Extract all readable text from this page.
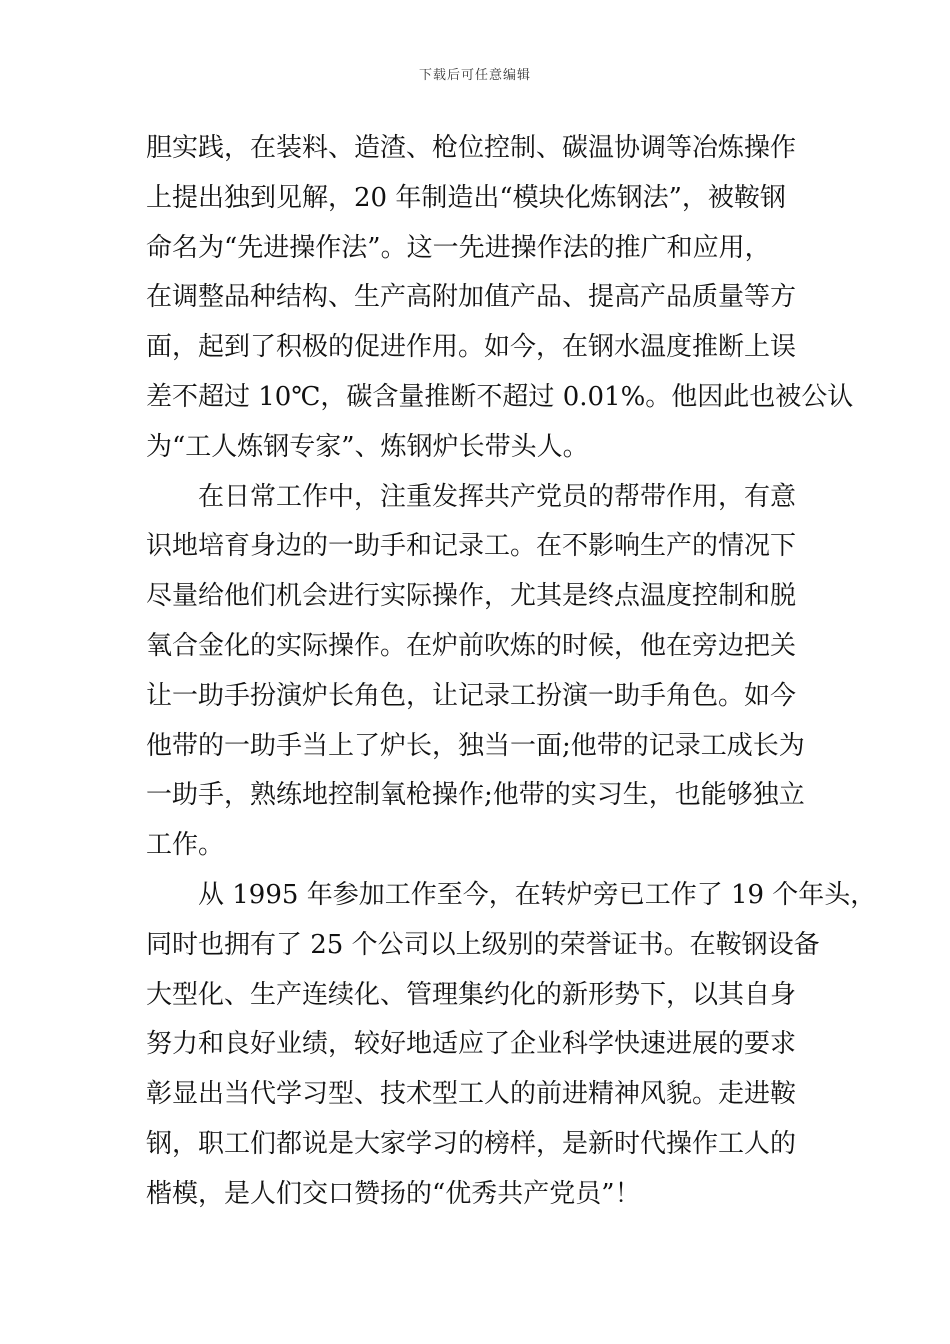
下载后可任意编辑
胆实践，在装料、造渣、枪位控制、碳温协调等冶炼操作
上提出独到见解，20 年制造出“模块化炼钢法”，被鞍钢
命名为“先进操作法”。这一先进操作法的推广和应用，
在调整品种结构、生产高附加值产品、提高产品质量等方
面，起到了积极的促进作用。如今，在钢水温度推断上误
差不超过 10℃，碳含量推断不超过 0.01%。他因此也被公认
为“工人炼钢专家”、炼钢炉长带头人。
在日常工作中，注重发挥共产党员的帮带作用，有意
识地培育身边的一助手和记录工。在不影响生产的情况下
尽量给他们机会进行实际操作，尤其是终点温度控制和脱
氧合金化的实际操作。在炉前吹炼的时候，他在旁边把关
让一助手扮演炉长角色，让记录工扮演一助手角色。如今
他带的一助手当上了炉长，独当一面;他带的记录工成长为
一助手，熟练地控制氧枪操作;他带的实习生，也能够独立
工作。
从 1995 年参加工作至今，在转炉旁已工作了 19 个年头，
同时也拥有了 25 个公司以上级别的荣誉证书。在鞍钢设备
大型化、生产连续化、管理集约化的新形势下，以其自身
努力和良好业绩，较好地适应了企业科学快速进展的要求
彰显出当代学习型、技术型工人的前进精神风貌。走进鞍
钢，职工们都说是大家学习的榜样，是新时代操作工人的
楷模，是人们交口赞扬的“优秀共产党员”！
